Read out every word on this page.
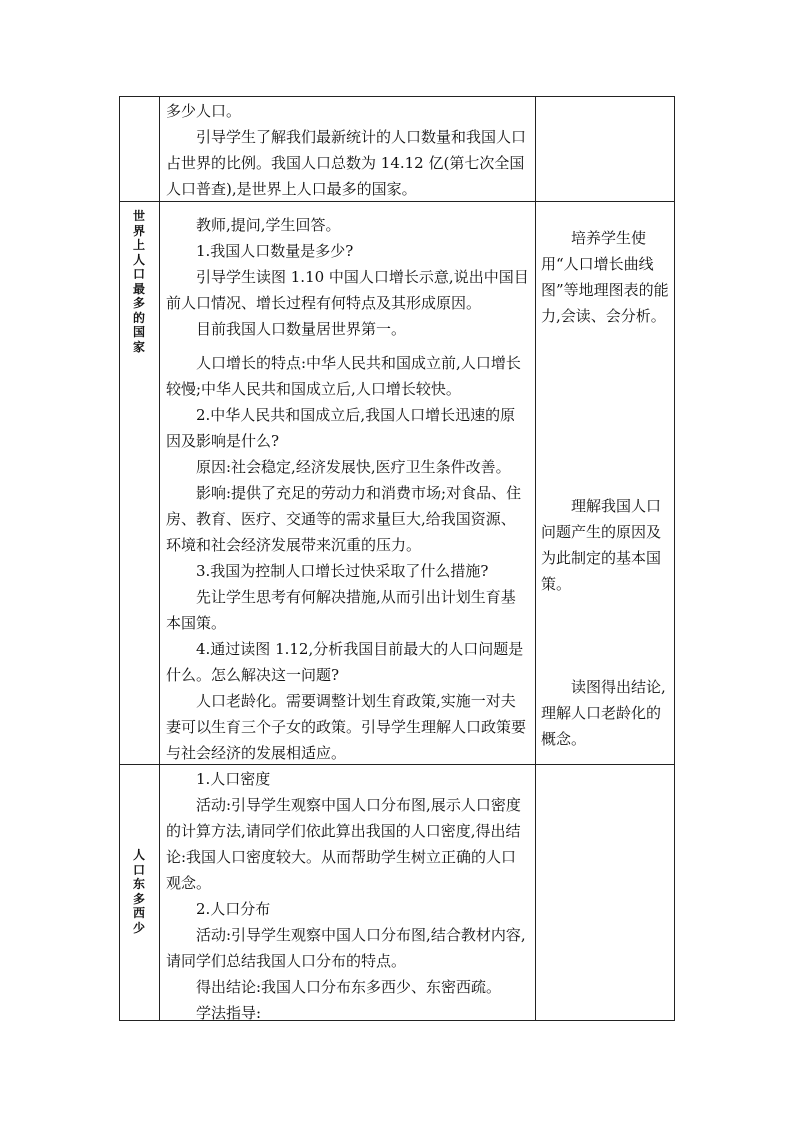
多少人口。

引导学生了解我们最新统计的人口数量和我国人口占世界的比例。我国人口总数为 14.12 亿(第七次全国人口普查),是世界上人口最多的国家。

世
界
上
人
口
最
多
的
国
家

教师,提问,学生回答。

1.我国人口数量是多少?

引导学生读图 1.10 中国人口增长示意,说出中国目前人口情况、增长过程有何特点及其形成原因。

目前我国人口数量居世界第一。

人口增长的特点:中华人民共和国成立前,人口增长较慢;中华人民共和国成立后,人口增长较快。

2.中华人民共和国成立后,我国人口增长迅速的原因及影响是什么?

原因:社会稳定,经济发展快,医疗卫生条件改善。

影响:提供了充足的劳动力和消费市场;对食品、住房、教育、医疗、交通等的需求量巨大,给我国资源、环境和社会经济发展带来沉重的压力。

3.我国为控制人口增长过快采取了什么措施?

先让学生思考有何解决措施,从而引出计划生育基本国策。

4.通过读图 1.12,分析我国目前最大的人口问题是什么。怎么解决这一问题?

人口老龄化。需要调整计划生育政策,实施一对夫妻可以生育三个子女的政策。引导学生理解人口政策要与社会经济的发展相适应。

培养学生使用“人口增长曲线图”等地理图表的能力,会读、会分析。

理解我国人口问题产生的原因及为此制定的基本国策。

读图得出结论,理解人口老龄化的概念。

人
口
东
多
西
少

1.人口密度

活动:引导学生观察中国人口分布图,展示人口密度的计算方法,请同学们依此算出我国的人口密度,得出结论:我国人口密度较大。从而帮助学生树立正确的人口观念。

2.人口分布

活动:引导学生观察中国人口分布图,结合教材内容,请同学们总结我国人口分布的特点。

得出结论:我国人口分布东多西少、东密西疏。

学法指导:
